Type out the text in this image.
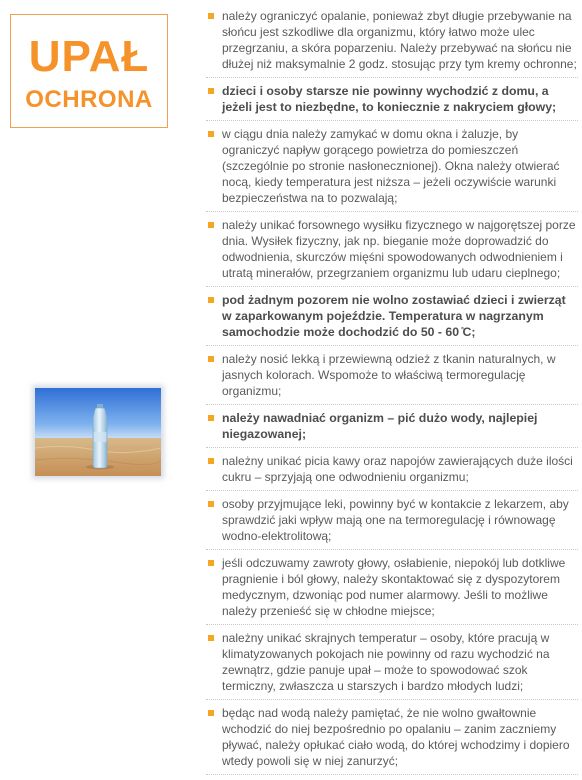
UPAŁ
OCHRONA
należy ograniczyć opalanie, ponieważ zbyt długie przebywanie na słońcu jest szkodliwe dla organizmu, który łatwo może ulec przegrzaniu, a skóra poparzeniu. Należy przebywać na słońcu nie dłużej niż maksymalnie 2 godz. stosując przy tym kremy ochronne;
dzieci i osoby starsze nie powinny wychodzić z domu, a jeżeli jest to niezbędne, to koniecznie z nakryciem głowy;
w ciągu dnia należy zamykać w domu okna i żaluzje, by ograniczyć napływ gorącego powietrza do pomieszczeń (szczególnie po stronie nasłonecznionej). Okna należy otwierać nocą, kiedy temperatura jest niższa – jeżeli oczywiście warunki bezpieczeństwa na to pozwalają;
należy unikać forsownego wysiłku fizycznego w najgorętszej porze dnia. Wysiłek fizyczny, jak np. bieganie może doprowadzić do odwodnienia, skurczów mięśni spowodowanych odwodnieniem i utratą minerałów, przegrzaniem organizmu lub udaru cieplnego;
pod żadnym pozorem nie wolno zostawiać dzieci i zwierząt w zaparkowanym pojeździe. Temperatura w nagrzanym samochodzie może dochodzić do 50 - 60 ̊C;
należy nosić lekką i przewiewną odzież z tkanin naturalnych, w jasnych kolorach. Wspomoże to właściwą termoregulację organizmu;
należy nawadniać organizm – pić dużo wody, najlepiej niegazowanej;
należny unikać picia kawy oraz napojów zawierających duże ilości cukru – sprzyjają one odwodnieniu organizmu;
osoby przyjmujące leki, powinny być w kontakcie z lekarzem, aby sprawdzić jaki wpływ mają one na termoregulację i równowagę wodno-elektrolitową;
jeśli odczuwamy zawroty głowy, osłabienie, niepokój lub dotkliwe pragnienie i ból głowy, należy skontaktować się z dyspozytorem medycznym, dzwoniąc pod numer alarmowy. Jeśli to możliwe należy przenieść się w chłodne miejsce;
należny unikać skrajnych temperatur – osoby, które pracują w klimatyzowanych pokojach nie powinny od razu wychodzić na zewnątrz, gdzie panuje upał – może to spowodować szok termiczny, zwłaszcza u starszych i bardzo młodych ludzi;
będąc nad wodą należy pamiętać, że nie wolno gwałtownie wchodzić do niej bezpośrednio po opalaniu – zanim zaczniemy pływać, należy opłukać ciało wodą, do której wchodzimy i dopiero wtedy powoli się w niej zanurzyć;
